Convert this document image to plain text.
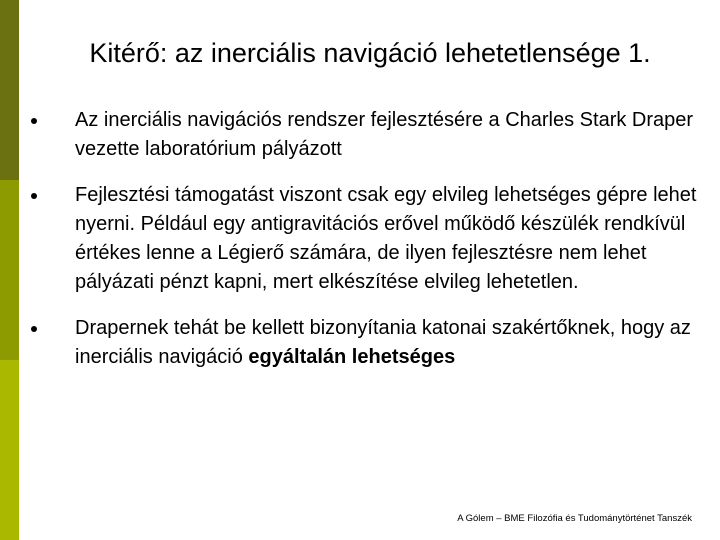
Kitérő: az inerciális navigáció lehetetlensége 1.
Az inerciális navigációs rendszer fejlesztésére a Charles Stark Draper vezette laboratórium pályázott
Fejlesztési támogatást viszont csak egy elvileg lehetséges gépre lehet nyerni. Például egy antigravitációs erővel működő készülék rendkívül értékes lenne a Légierő számára, de ilyen fejlesztésre nem lehet pályázati pénzt kapni, mert elkészítése elvileg lehetetlen.
Drapernek tehát be kellett bizonyítania katonai szakértőknek, hogy az inerciális navigáció egyáltalán lehetséges
A Gólem – BME Filozófia és Tudománytörténet Tanszék
